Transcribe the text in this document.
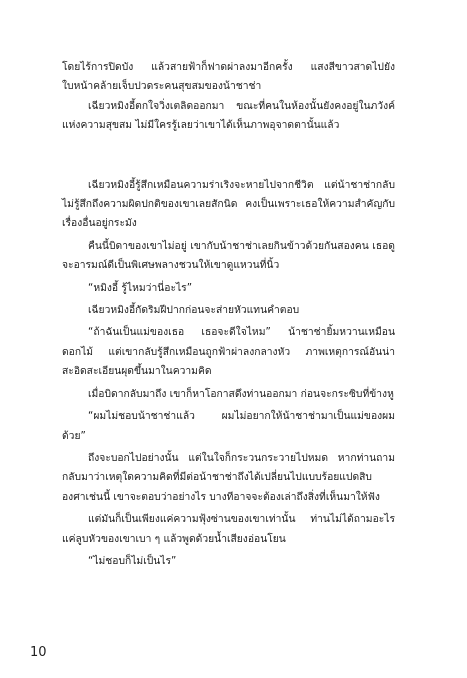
โดยไร้การปิดบัง แล้วสายฟ้าก็ฟาดผ่าลงมาอีกครั้ง แสงสีขาวสาดไปยังใบหน้าคล้ายเจ็บปวดระคนสุขสมของน้าชาช่า

เฉียวหมิงอี้ตกใจวิ่งเตลิดออกมา ขณะที่คนในห้องนั้นยังคงอยู่ในภวังค์แห่งความสุขสม ไม่มีใครรู้เลยว่าเขาได้เห็นภาพอุจาดตานั้นแล้ว

เฉียวหมิงอี้รู้สึกเหมือนความร่าเริงจะหายไปจากชีวิต แต่น้าชาช่ากลับไม่รู้สึกถึงความผิดปกติของเขาเลยสักนิด คงเป็นเพราะเธอให้ความสำคัญกับเรื่องอื่นอยู่กระมัง

คืนนี้บิดาของเขาไม่อยู่ เขากับน้าชาช่าเลยกินข้าวด้วยกันสองคน เธอดูจะอารมณ์ดีเป็นพิเศษพลางชวนให้เขาดูแหวนที่นิ้ว

“หมิงอี้ รู้ไหมว่านี่อะไร”

เฉียวหมิงอี้กัดริมฝีปากก่อนจะส่ายหัวแทนคำตอบ

“ถ้าฉันเป็นแม่ของเธอ เธอจะดีใจไหม” น้าชาช่ายิ้มหวานเหมือนดอกไม้ แต่เขากลับรู้สึกเหมือนถูกฟ้าผ่าลงกลางหัว ภาพเหตุการณ์อันน่าสะอิดสะเอียนผุดขึ้นมาในความคิด

เมื่อบิดากลับมาถึง เขาก็หาโอกาสดึงท่านออกมา ก่อนจะกระซิบที่ข้างหู

“ผมไม่ชอบน้าชาช่าแล้ว ผมไม่อยากให้น้าชาช่ามาเป็นแม่ของผมด้วย”

ถึงจะบอกไปอย่างนั้น แต่ในใจก็กระวนกระวายไปหมด หากท่านถามกลับมาว่าเหตุใดความคิดที่มีต่อน้าชาช่าถึงได้เปลี่ยนไปแบบร้อยแปดสิบองศาเช่นนี้ เขาจะตอบว่าอย่างไร บางทีอาจจะต้องเล่าถึงสิ่งที่เห็นมาให้ฟัง

แต่มันก็เป็นเพียงแค่ความฟุ้งซ่านของเขาเท่านั้น ท่านไม่ได้ถามอะไรแค่ลูบหัวของเขาเบา ๆ แล้วพูดด้วยน้ำเสียงอ่อนโยน

“ไม่ชอบก็ไม่เป็นไร”

10
